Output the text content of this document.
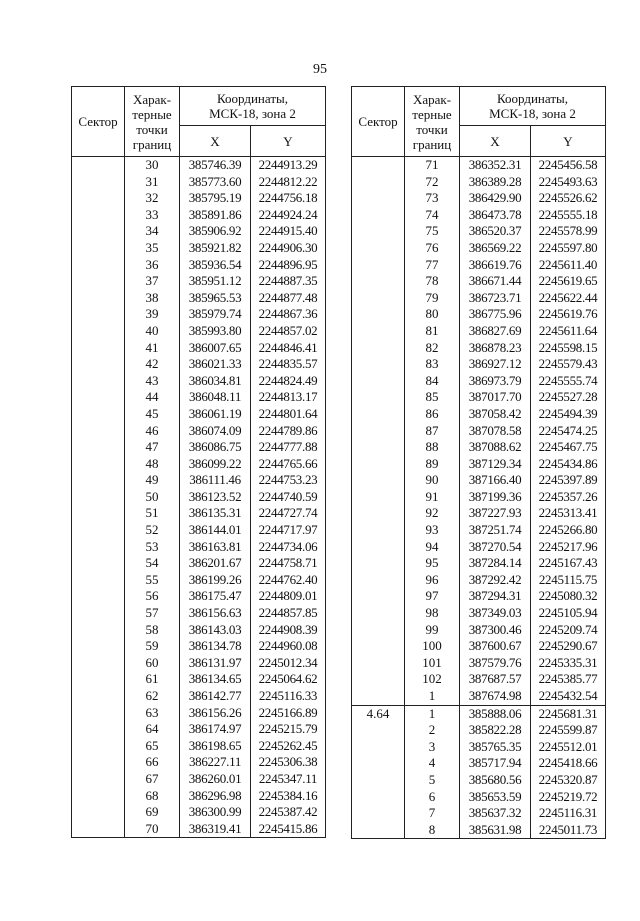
95
Сектор	Харак-
терные
точки
границ	Координаты,
МСК-18, зона 2	
		X	Y
	30	385746.39	2244913.29
	31	385773.60	2244812.22
	32	385795.19	2244756.18
	33	385891.86	2244924.24
	34	385906.92	2244915.40
	35	385921.82	2244906.30
	36	385936.54	2244896.95
	37	385951.12	2244887.35
	38	385965.53	2244877.48
	39	385979.74	2244867.36
	40	385993.80	2244857.02
	41	386007.65	2244846.41
	42	386021.33	2244835.57
	43	386034.81	2244824.49
	44	386048.11	2244813.17
	45	386061.19	2244801.64
	46	386074.09	2244789.86
	47	386086.75	2244777.88
	48	386099.22	2244765.66
	49	386111.46	2244753.23
	50	386123.52	2244740.59
	51	386135.31	2244727.74
	52	386144.01	2244717.97
	53	386163.81	2244734.06
	54	386201.67	2244758.71
	55	386199.26	2244762.40
	56	386175.47	2244809.01
	57	386156.63	2244857.85
	58	386143.03	2244908.39
	59	386134.78	2244960.08
	60	386131.97	2245012.34
	61	386134.65	2245064.62
	62	386142.77	2245116.33
	63	386156.26	2245166.89
	64	386174.97	2245215.79
	65	386198.65	2245262.45
	66	386227.11	2245306.38
	67	386260.01	2245347.11
	68	386296.98	2245384.16
	69	386300.99	2245387.42
	70	386319.41	2245415.86
Сектор	Харак-
терные
точки
границ	Координаты,
МСК-18, зона 2	
		X	Y
	71	386352.31	2245456.58
	72	386389.28	2245493.63
	73	386429.90	2245526.62
	74	386473.78	2245555.18
	75	386520.37	2245578.99
	76	386569.22	2245597.80
	77	386619.76	2245611.40
	78	386671.44	2245619.65
	79	386723.71	2245622.44
	80	386775.96	2245619.76
	81	386827.69	2245611.64
	82	386878.23	2245598.15
	83	386927.12	2245579.43
	84	386973.79	2245555.74
	85	387017.70	2245527.28
	86	387058.42	2245494.39
	87	387078.58	2245474.25
	88	387088.62	2245467.75
	89	387129.34	2245434.86
	90	387166.40	2245397.89
	91	387199.36	2245357.26
	92	387227.93	2245313.41
	93	387251.74	2245266.80
	94	387270.54	2245217.96
	95	387284.14	2245167.43
	96	387292.42	2245115.75
	97	387294.31	2245080.32
	98	387349.03	2245105.94
	99	387300.46	2245209.74
	100	387600.67	2245290.67
	101	387579.76	2245335.31
	102	387687.57	2245385.77
	1	387674.98	2245432.54
4.64	1	385888.06	2245681.31
	2	385822.28	2245599.87
	3	385765.35	2245512.01
	4	385717.94	2245418.66
	5	385680.56	2245320.87
	6	385653.59	2245219.72
	7	385637.32	2245116.31
	8	385631.98	2245011.73
